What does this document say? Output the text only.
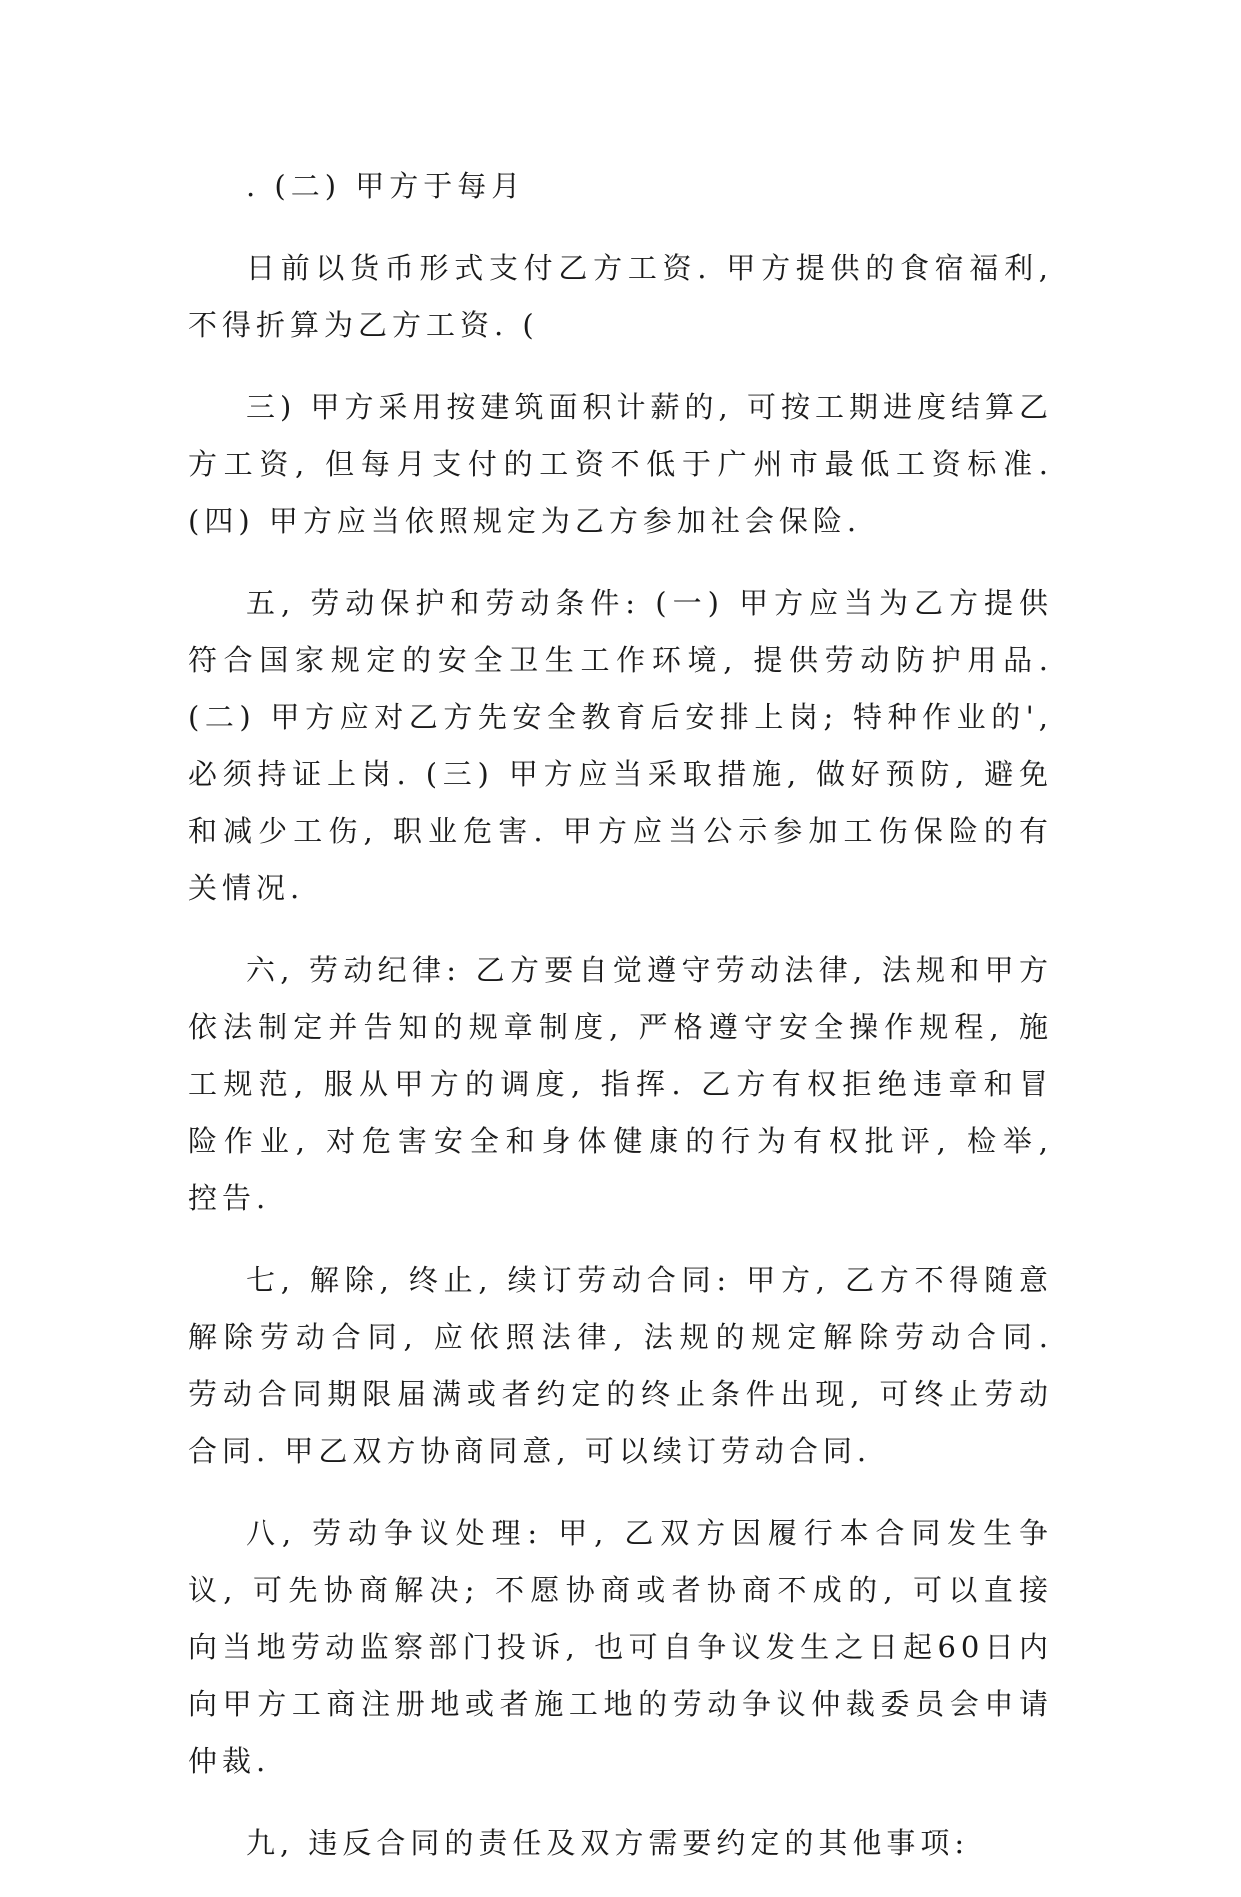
. (二) 甲方于每月

日前以货币形式支付乙方工资. 甲方提供的食宿福利, 不得折算为乙方工资. (

三) 甲方采用按建筑面积计薪的, 可按工期进度结算乙方工资, 但每月支付的工资不低于广州市最低工资标准. (四) 甲方应当依照规定为乙方参加社会保险.

五, 劳动保护和劳动条件: (一) 甲方应当为乙方提供符合国家规定的安全卫生工作环境, 提供劳动防护用品. (二) 甲方应对乙方先安全教育后安排上岗; 特种作业的', 必须持证上岗. (三) 甲方应当采取措施, 做好预防, 避免和减少工伤, 职业危害. 甲方应当公示参加工伤保险的有关情况.

六, 劳动纪律: 乙方要自觉遵守劳动法律, 法规和甲方依法制定并告知的规章制度, 严格遵守安全操作规程, 施工规范, 服从甲方的调度, 指挥. 乙方有权拒绝违章和冒险作业, 对危害安全和身体健康的行为有权批评, 检举, 控告.

七, 解除, 终止, 续订劳动合同: 甲方, 乙方不得随意解除劳动合同, 应依照法律, 法规的规定解除劳动合同. 劳动合同期限届满或者约定的终止条件出现, 可终止劳动合同. 甲乙双方协商同意, 可以续订劳动合同.

八, 劳动争议处理: 甲, 乙双方因履行本合同发生争议, 可先协商解决; 不愿协商或者协商不成的, 可以直接向当地劳动监察部门投诉, 也可自争议发生之日起60日内向甲方工商注册地或者施工地的劳动争议仲裁委员会申请仲裁.

九, 违反合同的责任及双方需要约定的其他事项:
